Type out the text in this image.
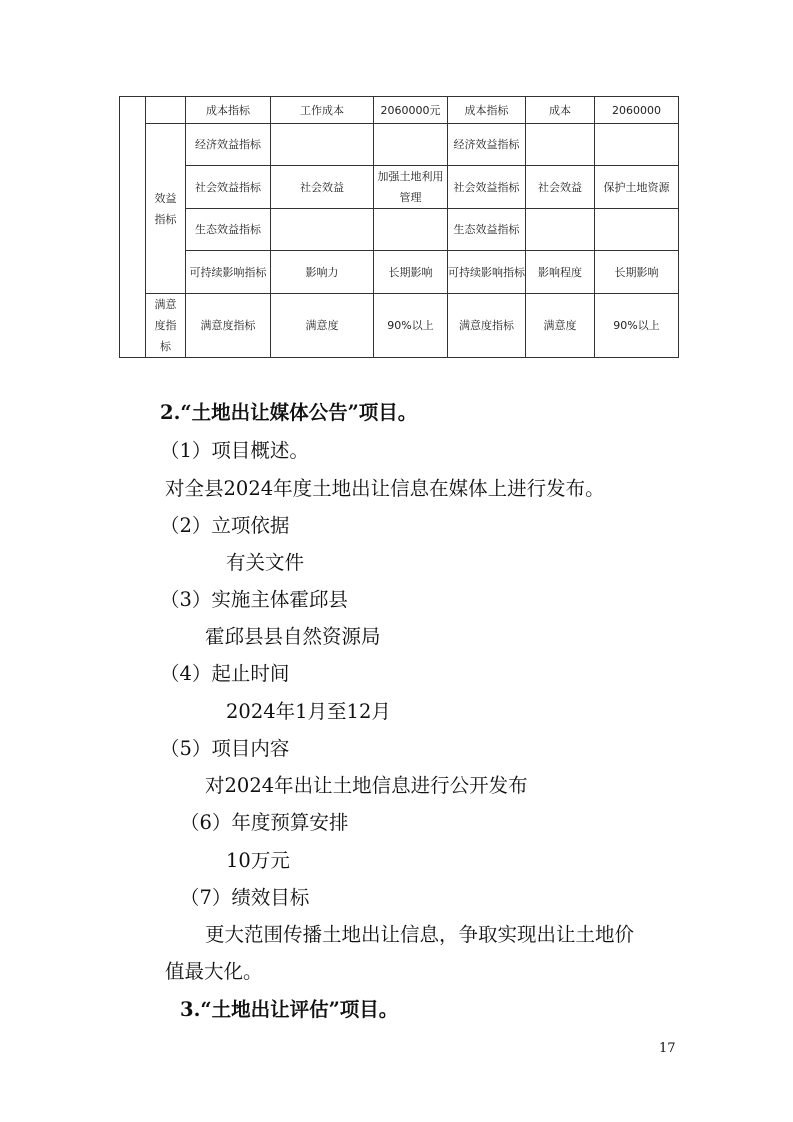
		成本指标	工作成本	2060000元	成本指标	成本	2060000
	效益指标	经济效益指标			经济效益指标		
		社会效益指标	社会效益	加强土地利用管理	社会效益指标	社会效益	保护土地资源
		生态效益指标			生态效益指标		
		可持续影响指标	影响力	长期影响	可持续影响指标	影响程度	长期影响
	满意度指标	满意度指标	满意度	90%以上	满意度指标	满意度	90%以上
2.“土地出让媒体公告”项目。
（1）项目概述。
对全县2024年度土地出让信息在媒体上进行发布。
（2）立项依据
有关文件
（3）实施主体霍邱县
霍邱县县自然资源局
（4）起止时间
2024年1月至12月
（5）项目内容
对2024年出让土地信息进行公开发布
（6）年度预算安排
10万元
（7）绩效目标
更大范围传播土地出让信息，争取实现出让土地价
值最大化。
3.“土地出让评估”项目。
17
